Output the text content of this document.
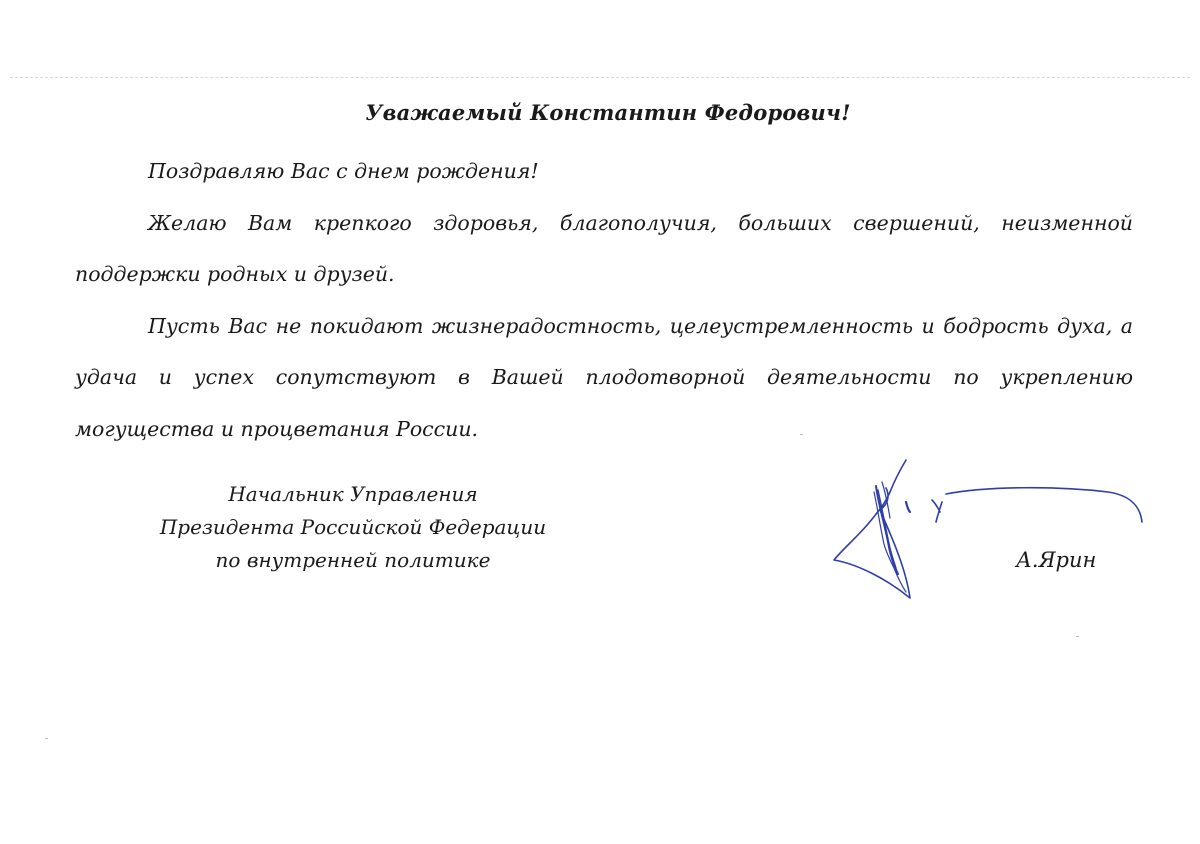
Уважаемый Константин Федорович!

Поздравляю Вас с днем рождения!

Желаю Вам крепкого здоровья, благополучия, больших свершений, неизменной поддержки родных и друзей.

Пусть Вас не покидают жизнерадостность, целеустремленность и бодрость духа, а удача и успех сопутствуют в Вашей плодотворной деятельности по укреплению могущества и процветания России.

Начальник Управления
Президента Российской Федерации
по внутренней политике	А.Ярин
